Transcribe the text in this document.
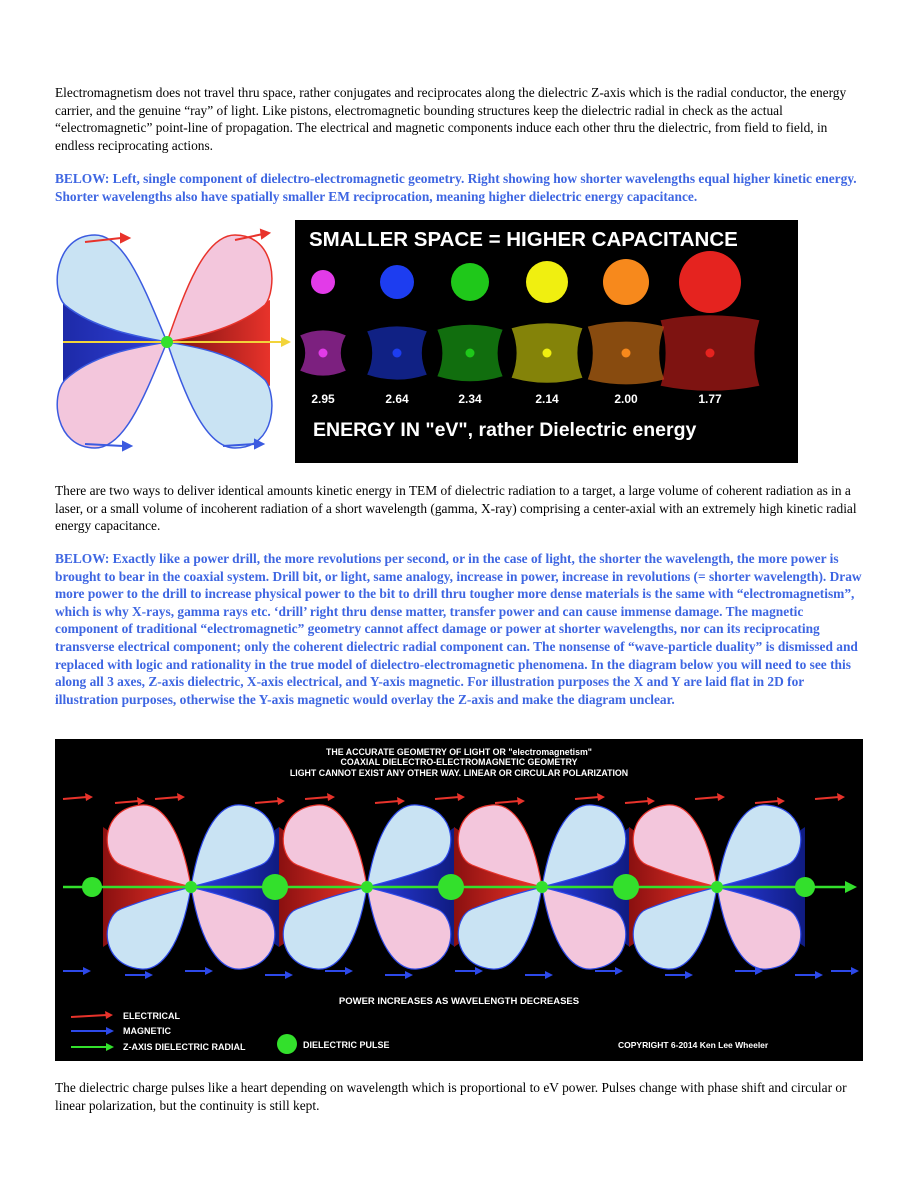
Electromagnetism does not travel thru space, rather conjugates and reciprocates along the dielectric Z-axis which is the radial conductor, the energy carrier, and the genuine “ray” of light. Like pistons, electromagnetic bounding structures keep the dielectric radial in check as the actual “electromagnetic” point-line of propagation. The electrical and magnetic components induce each other thru the dielectric, from field to field, in endless reciprocating actions.

BELOW: Left, single component of dielectro-electromagnetic geometry. Right showing how shorter wavelengths equal higher kinetic energy. Shorter wavelengths also have spatially smaller EM reciprocation, meaning higher dielectric energy capacitance.

SMALLER SPACE = HIGHER CAPACITANCE
2.95	2.64	2.34	2.14	2.00	1.77
ENERGY IN "eV", rather Dielectric energy

There are two ways to deliver identical amounts kinetic energy in TEM of dielectric radiation to a target, a large volume of coherent radiation as in a laser, or a small volume of incoherent radiation of a short wavelength (gamma, X-ray) comprising a center-axial with an extremely high kinetic radial energy capacitance.

BELOW: Exactly like a power drill, the more revolutions per second, or in the case of light, the shorter the wavelength, the more power is brought to bear in the coaxial system. Drill bit, or light, same analogy, increase in power, increase in revolutions (= shorter wavelength). Draw more power to the drill to increase physical power to the bit to drill thru tougher more dense materials is the same with “electromagnetism”, which is why X-rays, gamma rays etc. ‘drill’ right thru dense matter, transfer power and can cause immense damage. The magnetic component of traditional “electromagnetic” geometry cannot affect damage or power at shorter wavelengths, nor can its reciprocating transverse electrical component; only the coherent dielectric radial component can. The nonsense of “wave-particle duality” is dismissed and replaced with logic and rationality in the true model of dielectro-electromagnetic phenomena. In the diagram below you will need to see this along all 3 axes, Z-axis dielectric, X-axis electrical, and Y-axis magnetic. For illustration purposes the X and Y are laid flat in 2D for illustration purposes, otherwise the Y-axis magnetic would overlay the Z-axis and make the diagram unclear.

THE ACCURATE GEOMETRY OF LIGHT OR "electromagnetism"
COAXIAL DIELECTRO-ELECTROMAGNETIC GEOMETRY
LIGHT CANNOT EXIST ANY OTHER WAY. LINEAR OR CIRCULAR POLARIZATION
POWER INCREASES AS WAVELENGTH DECREASES
ELECTRICAL
MAGNETIC
Z-AXIS DIELECTRIC RADIAL	DIELECTRIC PULSE	COPYRIGHT 6-2014 Ken Lee Wheeler

The dielectric charge pulses like a heart depending on wavelength which is proportional to eV power. Pulses change with phase shift and circular or linear polarization, but the continuity is still kept.
